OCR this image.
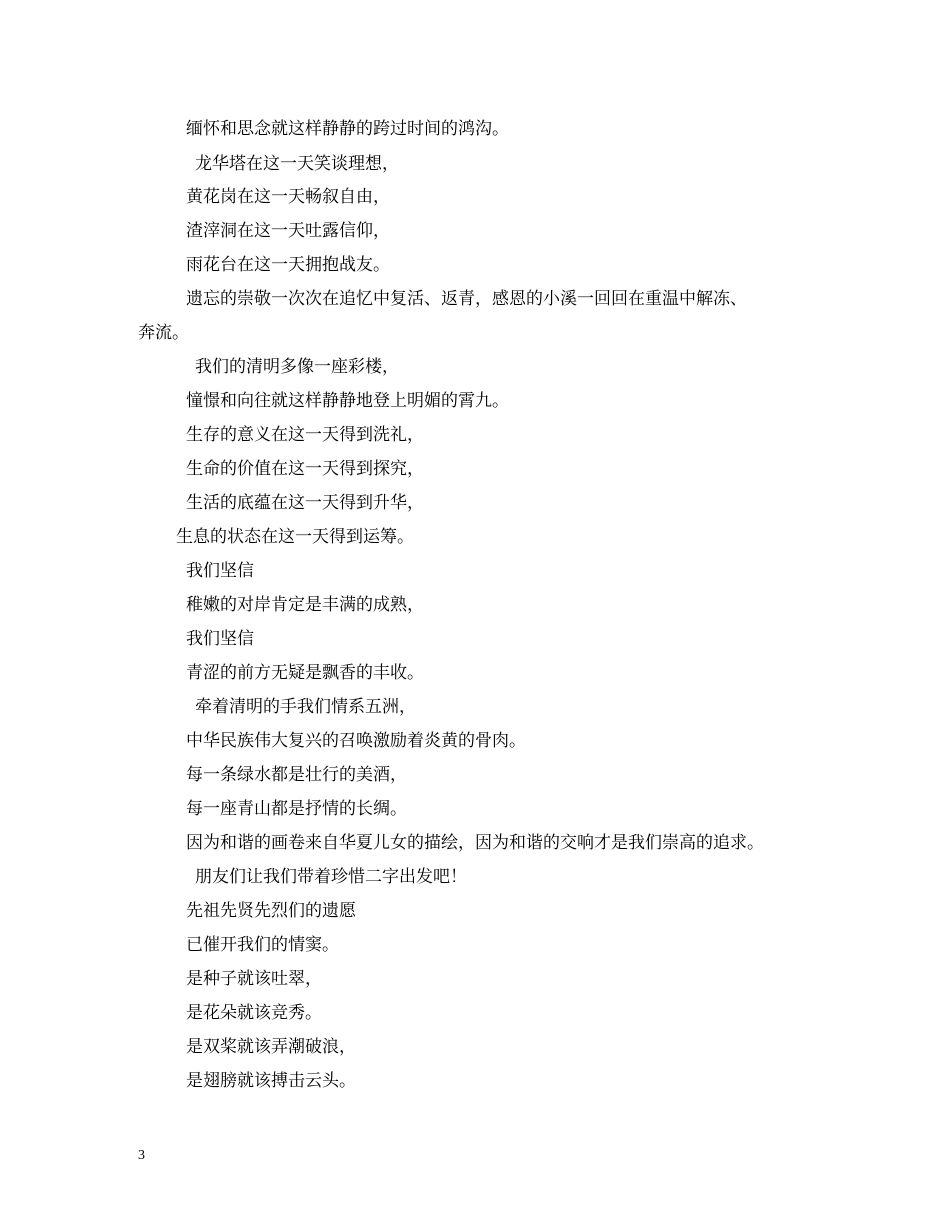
缅怀和思念就这样静静的跨过时间的鸿沟。
龙华塔在这一天笑谈理想，
黄花岗在这一天畅叙自由，
渣滓洞在这一天吐露信仰，
雨花台在这一天拥抱战友。
遗忘的崇敬一次次在追忆中复活、返青，感恩的小溪一回回在重温中解冻、
奔流。
我们的清明多像一座彩楼，
憧憬和向往就这样静静地登上明媚的霄九。
生存的意义在这一天得到洗礼，
生命的价值在这一天得到探究，
生活的底蕴在这一天得到升华，
生息的状态在这一天得到运筹。
我们坚信
稚嫩的对岸肯定是丰满的成熟，
我们坚信
青涩的前方无疑是飘香的丰收。
牵着清明的手我们情系五洲，
中华民族伟大复兴的召唤激励着炎黄的骨肉。
每一条绿水都是壮行的美酒，
每一座青山都是抒情的长绸。
因为和谐的画卷来自华夏儿女的描绘，因为和谐的交响才是我们崇高的追求。
朋友们让我们带着珍惜二字出发吧！
先祖先贤先烈们的遗愿
已催开我们的情窦。
是种子就该吐翠，
是花朵就该竞秀。
是双桨就该弄潮破浪，
是翅膀就该搏击云头。
3
